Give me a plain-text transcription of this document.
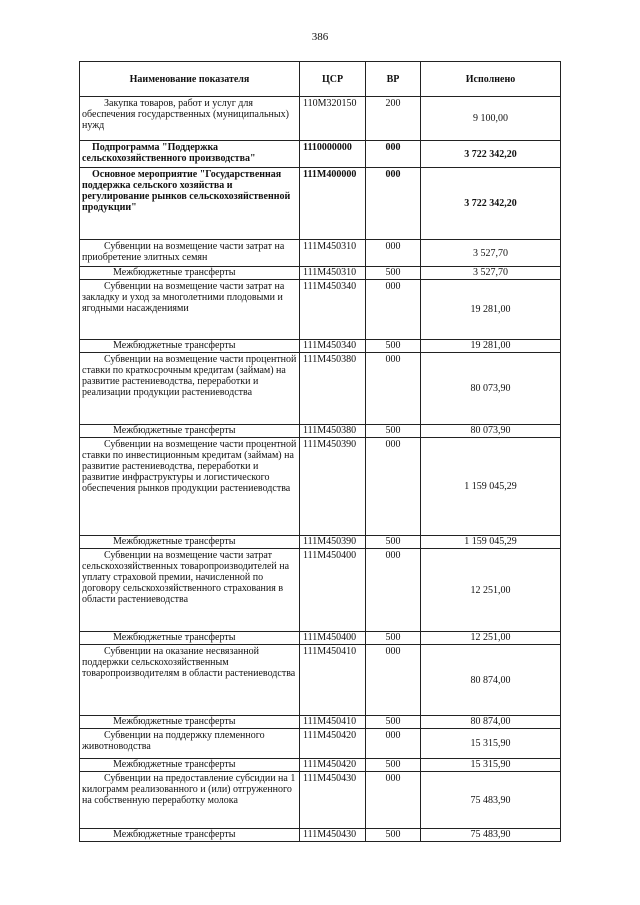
386
Наименование показателя	ЦСР	ВР	Исполнено
Закупка товаров, работ и услуг для обеспечения государственных (муниципальных) нужд	110М320150	200	9 100,00
Подпрограмма "Поддержка сельскохозяйственного производства"	1110000000	000	3 722 342,20
Основное мероприятие "Государственная поддержка сельского хозяйства и регулирование рынков сельскохозяйственной продукции"	111М400000	000	3 722 342,20
Субвенции на возмещение части затрат на приобретение элитных семян	111М450310	000	3 527,70
Межбюджетные трансферты	111М450310	500	3 527,70
Субвенции на возмещение части затрат на закладку и уход за многолетними плодовыми и ягодными насаждениями	111М450340	000	19 281,00
Межбюджетные трансферты	111М450340	500	19 281,00
Субвенции на возмещение части процентной ставки по краткосрочным кредитам (займам) на развитие растениеводства, переработки и реализации продукции растениеводства	111М450380	000	80 073,90
Межбюджетные трансферты	111М450380	500	80 073,90
Субвенции на возмещение части процентной ставки по инвестиционным кредитам (займам) на развитие растениеводства, переработки и развитие инфраструктуры и логистического обеспечения рынков продукции растениеводства	111М450390	000	1 159 045,29
Межбюджетные трансферты	111М450390	500	1 159 045,29
Субвенции на возмещение части затрат сельскохозяйственных товаропроизводителей на уплату страховой премии, начисленной по договору сельскохозяйственного страхования в области растениеводства	111М450400	000	12 251,00
Межбюджетные трансферты	111М450400	500	12 251,00
Субвенции на оказание несвязанной поддержки сельскохозяйственным товаропроизводителям в области растениеводства	111М450410	000	80 874,00
Межбюджетные трансферты	111М450410	500	80 874,00
Субвенции на поддержку племенного животноводства	111М450420	000	15 315,90
Межбюджетные трансферты	111М450420	500	15 315,90
Субвенции на предоставление субсидии на 1 килограмм реализованного и (или) отгруженного на собственную переработку молока	111М450430	000	75 483,90
Межбюджетные трансферты	111М450430	500	75 483,90
